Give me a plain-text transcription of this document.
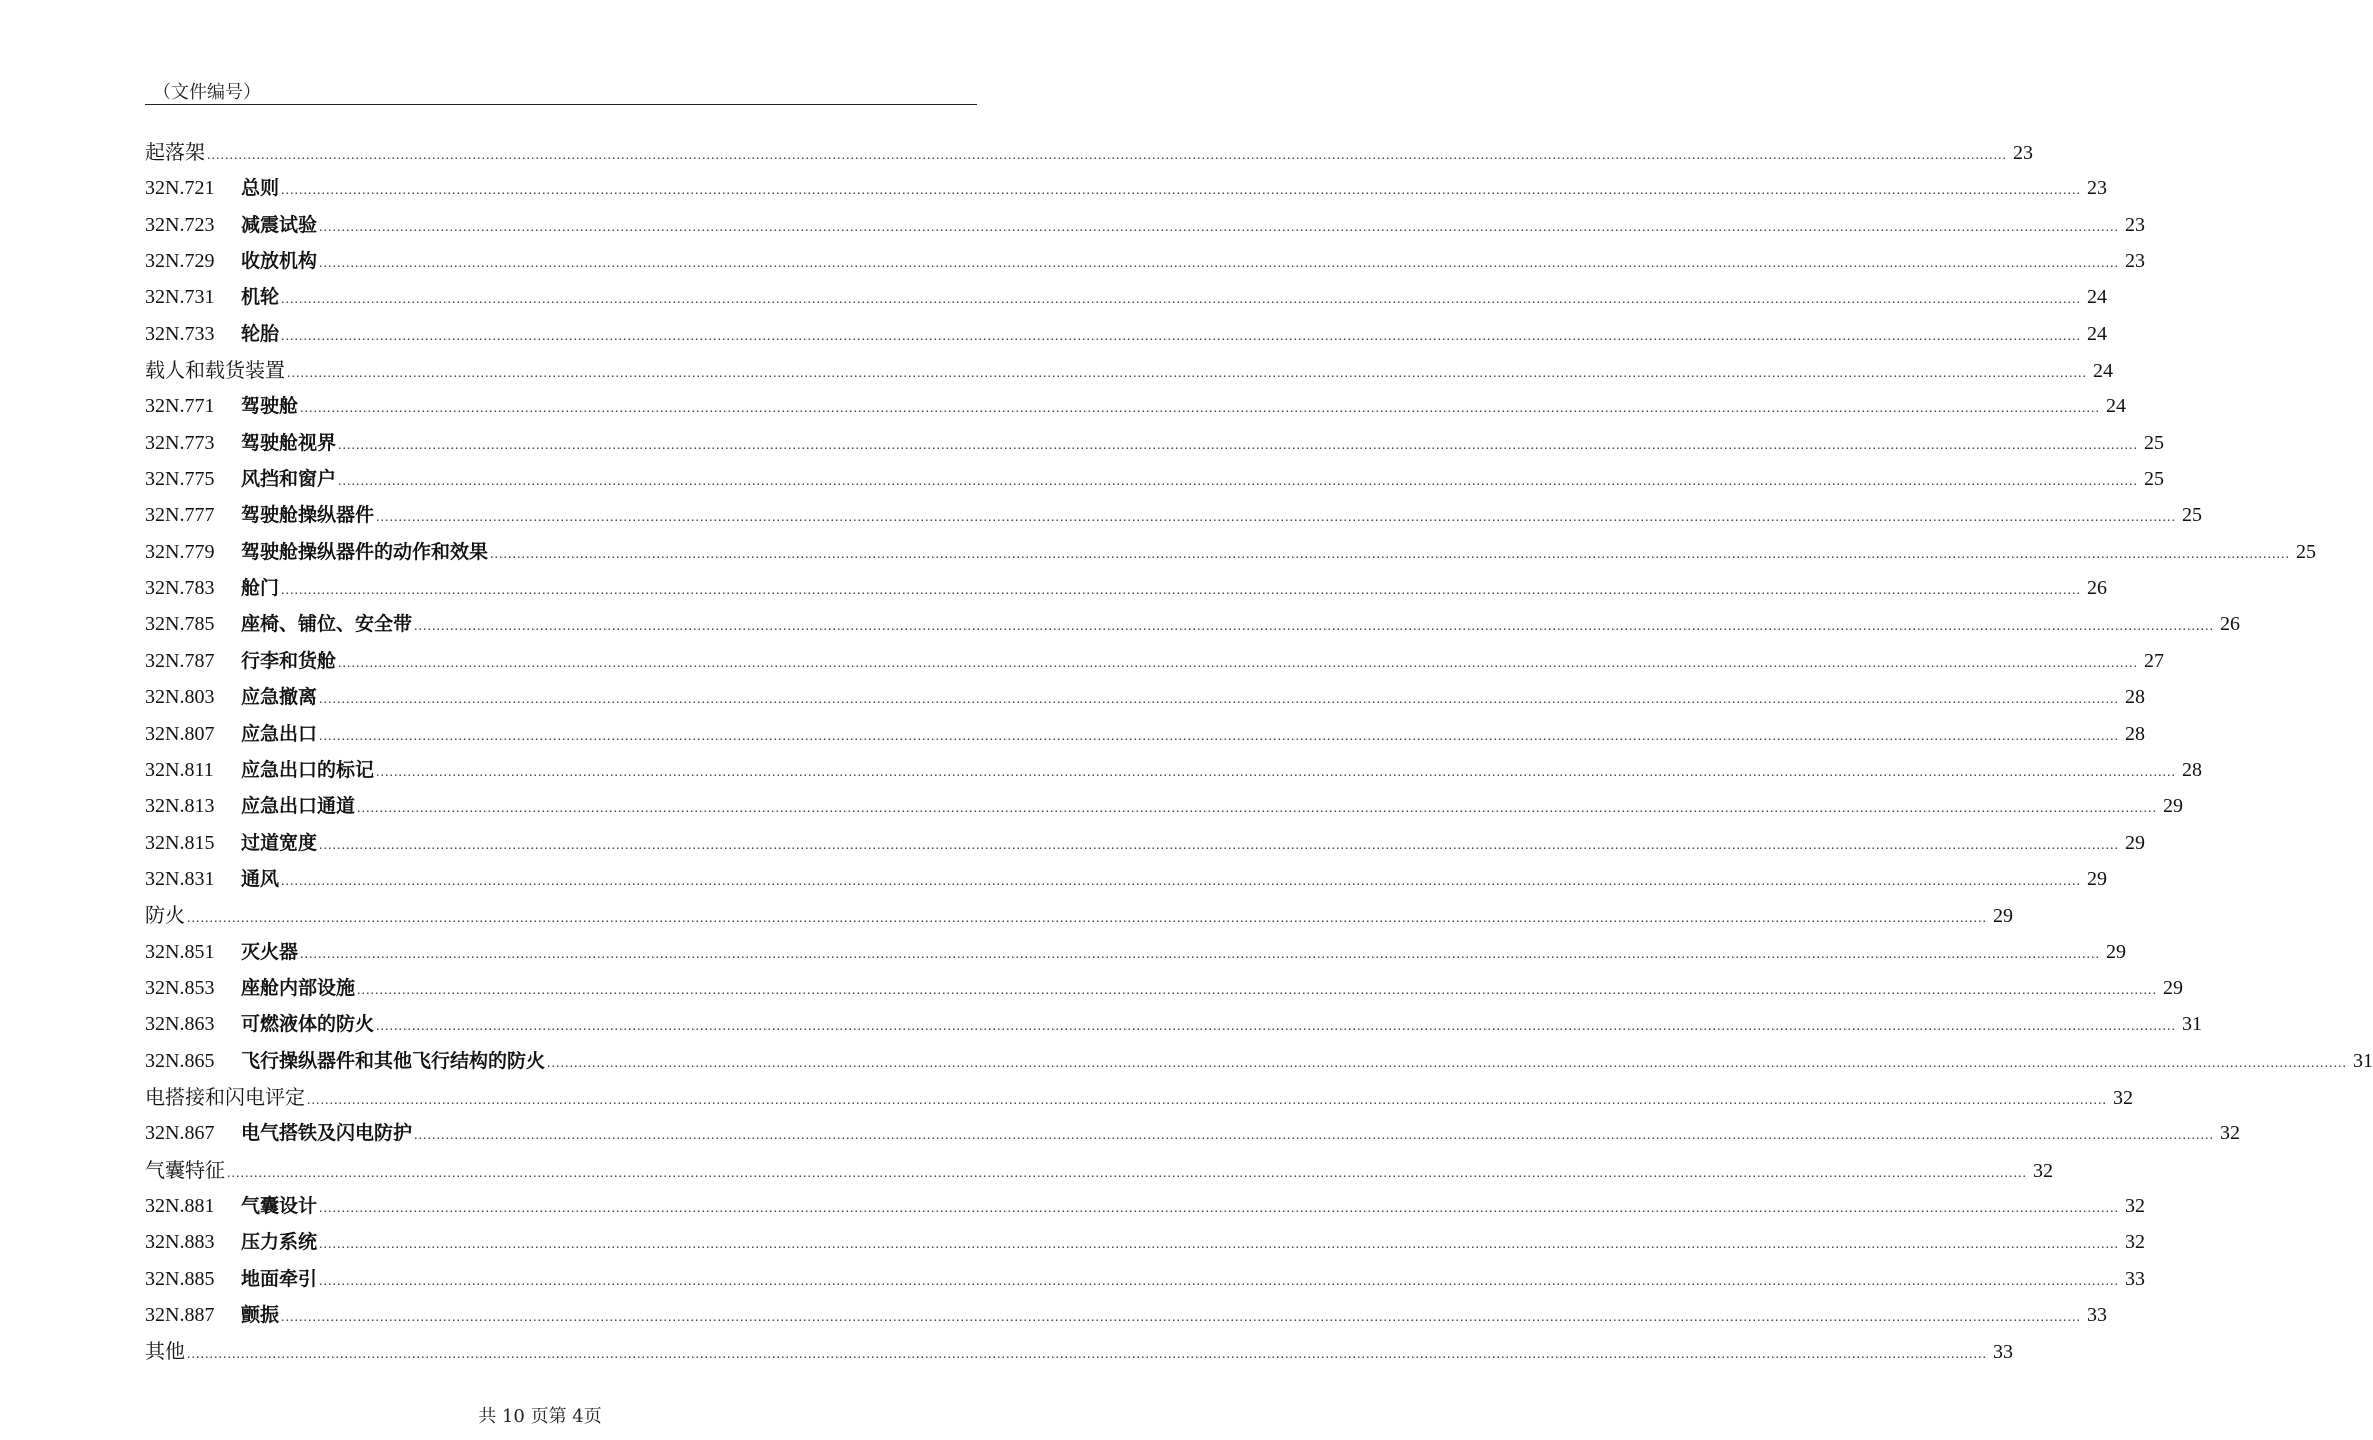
（文件编号）
起落架 ................................................................................................................................................................................................................................................................................................................................................................................................................ 23
32N.721	总则 ................................................................................................................................................................................................................................................................................................................................................................................................................ 23
32N.723	减震试验 ................................................................................................................................................................................................................................................................................................................................................................................................................ 23
32N.729	收放机构 ................................................................................................................................................................................................................................................................................................................................................................................................................ 23
32N.731	机轮 ................................................................................................................................................................................................................................................................................................................................................................................................................ 24
32N.733	轮胎 ................................................................................................................................................................................................................................................................................................................................................................................................................ 24
载人和载货装置 ................................................................................................................................................................................................................................................................................................................................................................................................................ 24
32N.771	驾驶舱 ................................................................................................................................................................................................................................................................................................................................................................................................................ 24
32N.773	驾驶舱视界 ................................................................................................................................................................................................................................................................................................................................................................................................................ 25
32N.775	风挡和窗户 ................................................................................................................................................................................................................................................................................................................................................................................................................ 25
32N.777	驾驶舱操纵器件 ................................................................................................................................................................................................................................................................................................................................................................................................................ 25
32N.779	驾驶舱操纵器件的动作和效果 ................................................................................................................................................................................................................................................................................................................................................................................................................ 25
32N.783	舱门 ................................................................................................................................................................................................................................................................................................................................................................................................................ 26
32N.785	座椅、铺位、安全带 ................................................................................................................................................................................................................................................................................................................................................................................................................ 26
32N.787	行李和货舱 ................................................................................................................................................................................................................................................................................................................................................................................................................ 27
32N.803	应急撤离 ................................................................................................................................................................................................................................................................................................................................................................................................................ 28
32N.807	应急出口 ................................................................................................................................................................................................................................................................................................................................................................................................................ 28
32N.811	应急出口的标记 ................................................................................................................................................................................................................................................................................................................................................................................................................ 28
32N.813	应急出口通道 ................................................................................................................................................................................................................................................................................................................................................................................................................ 29
32N.815	过道宽度 ................................................................................................................................................................................................................................................................................................................................................................................................................ 29
32N.831	通风 ................................................................................................................................................................................................................................................................................................................................................................................................................ 29
防火 ................................................................................................................................................................................................................................................................................................................................................................................................................ 29
32N.851	灭火器 ................................................................................................................................................................................................................................................................................................................................................................................................................ 29
32N.853	座舱内部设施 ................................................................................................................................................................................................................................................................................................................................................................................................................ 29
32N.863	可燃液体的防火 ................................................................................................................................................................................................................................................................................................................................................................................................................ 31
32N.865	飞行操纵器件和其他飞行结构的防火 ................................................................................................................................................................................................................................................................................................................................................................................................................ 31
电搭接和闪电评定 ................................................................................................................................................................................................................................................................................................................................................................................................................ 32
32N.867	电气搭铁及闪电防护 ................................................................................................................................................................................................................................................................................................................................................................................................................ 32
气囊特征 ................................................................................................................................................................................................................................................................................................................................................................................................................ 32
32N.881	气囊设计 ................................................................................................................................................................................................................................................................................................................................................................................................................ 32
32N.883	压力系统 ................................................................................................................................................................................................................................................................................................................................................................................................................ 32
32N.885	地面牵引 ................................................................................................................................................................................................................................................................................................................................................................................................................ 33
32N.887	颤振 ................................................................................................................................................................................................................................................................................................................................................................................................................ 33
其他 ................................................................................................................................................................................................................................................................................................................................................................................................................ 33
共 10 页第 4页
